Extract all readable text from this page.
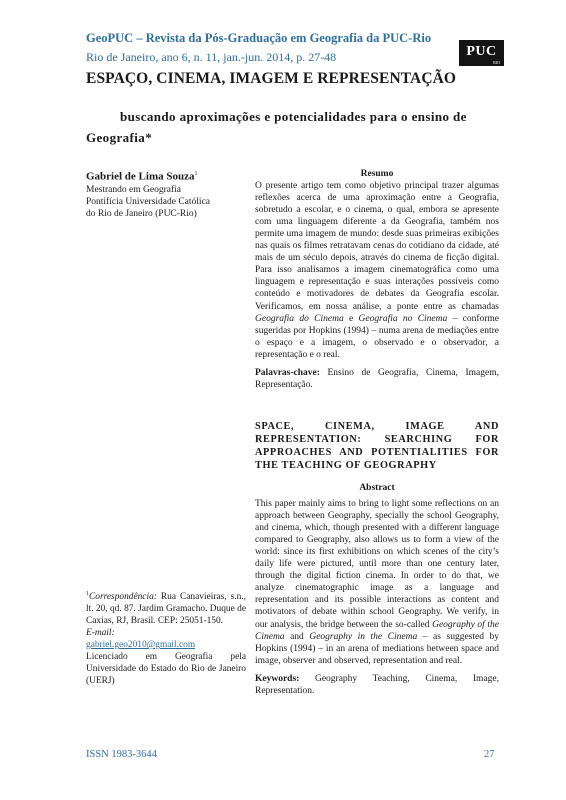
GeoPUC – Revista da Pós-Graduação em Geografia da PUC-Rio
Rio de Janeiro, ano 6, n. 11, jan.-jun. 2014, p. 27-48	PUC
RIO
ESPAÇO, CINEMA, IMAGEM E REPRESENTAÇÃO
buscando aproximações e potencialidades para o ensino de
Geografia*
Gabriel de Lima Souza$^1$
Mestrando em Geografia
Pontifícia Universidade Católica
do Rio de Janeiro (PUC-Rio)
Resumo
O presente artigo tem como objetivo principal trazer algumas reflexões acerca de uma aproximação entre a Geografia, sobretudo a escolar, e o cinema, o qual, embora se apresente com uma linguagem diferente a da Geografia, também nos permite uma imagem de mundo: desde suas primeiras exibições nas quais os filmes retratavam cenas do cotidiano da cidade, até mais de um século depois, através do cinema de ficção digital. Para isso analisamos a imagem cinematográfica como uma linguagem e representação e suas interações possíveis como conteúdo e motivadores de debates da Geografia escolar. Verificamos, em nossa análise, a ponte entre as chamadas Geografia do Cinema e Geografia no Cinema – conforme sugeridas por Hopkins (1994) – numa arena de mediações entre o espaço e a imagem, o observado e o observador, a representação e o real.
Palavras-chave: Ensino de Geografia, Cinema, Imagem, Representação.
SPACE, CINEMA, IMAGE AND REPRESENTATION: SEARCHING FOR APPROACHES AND POTENTIALITIES FOR THE TEACHING OF GEOGRAPHY
Abstract
This paper mainly aims to bring to light some reflections on an approach between Geography, specially the school Geography, and cinema, which, though presented with a different language compared to Geography, also allows us to form a view of the world: since its first exhibitions on which scenes of the city’s daily life were pictured, until more than one century later, through the digital fiction cinema. In order to do that, we analyze cinematographic image as a language and representation and its possible interactions as content and motivators of debate within school Geography. We verify, in our analysis, the bridge between the so-called Geography of the Cinema and Geography in the Cinema – as suggested by Hopkins (1994) – in an arena of mediations between space and image, observer and observed, representation and real.
Keywords: Geography Teaching, Cinema, Image, Representation.
$^1$Correspondência: Rua Canavieiras, s.n., lt. 20, qd. 87. Jardim Gramacho. Duque de Caxias, RJ, Brasil. CEP: 25051-150.
E-mail:
gabriel.geo2010@gmail.com
Licenciado em Geografia pela Universidade do Estado do Rio de Janeiro (UERJ)
ISSN 1983-3644	27
